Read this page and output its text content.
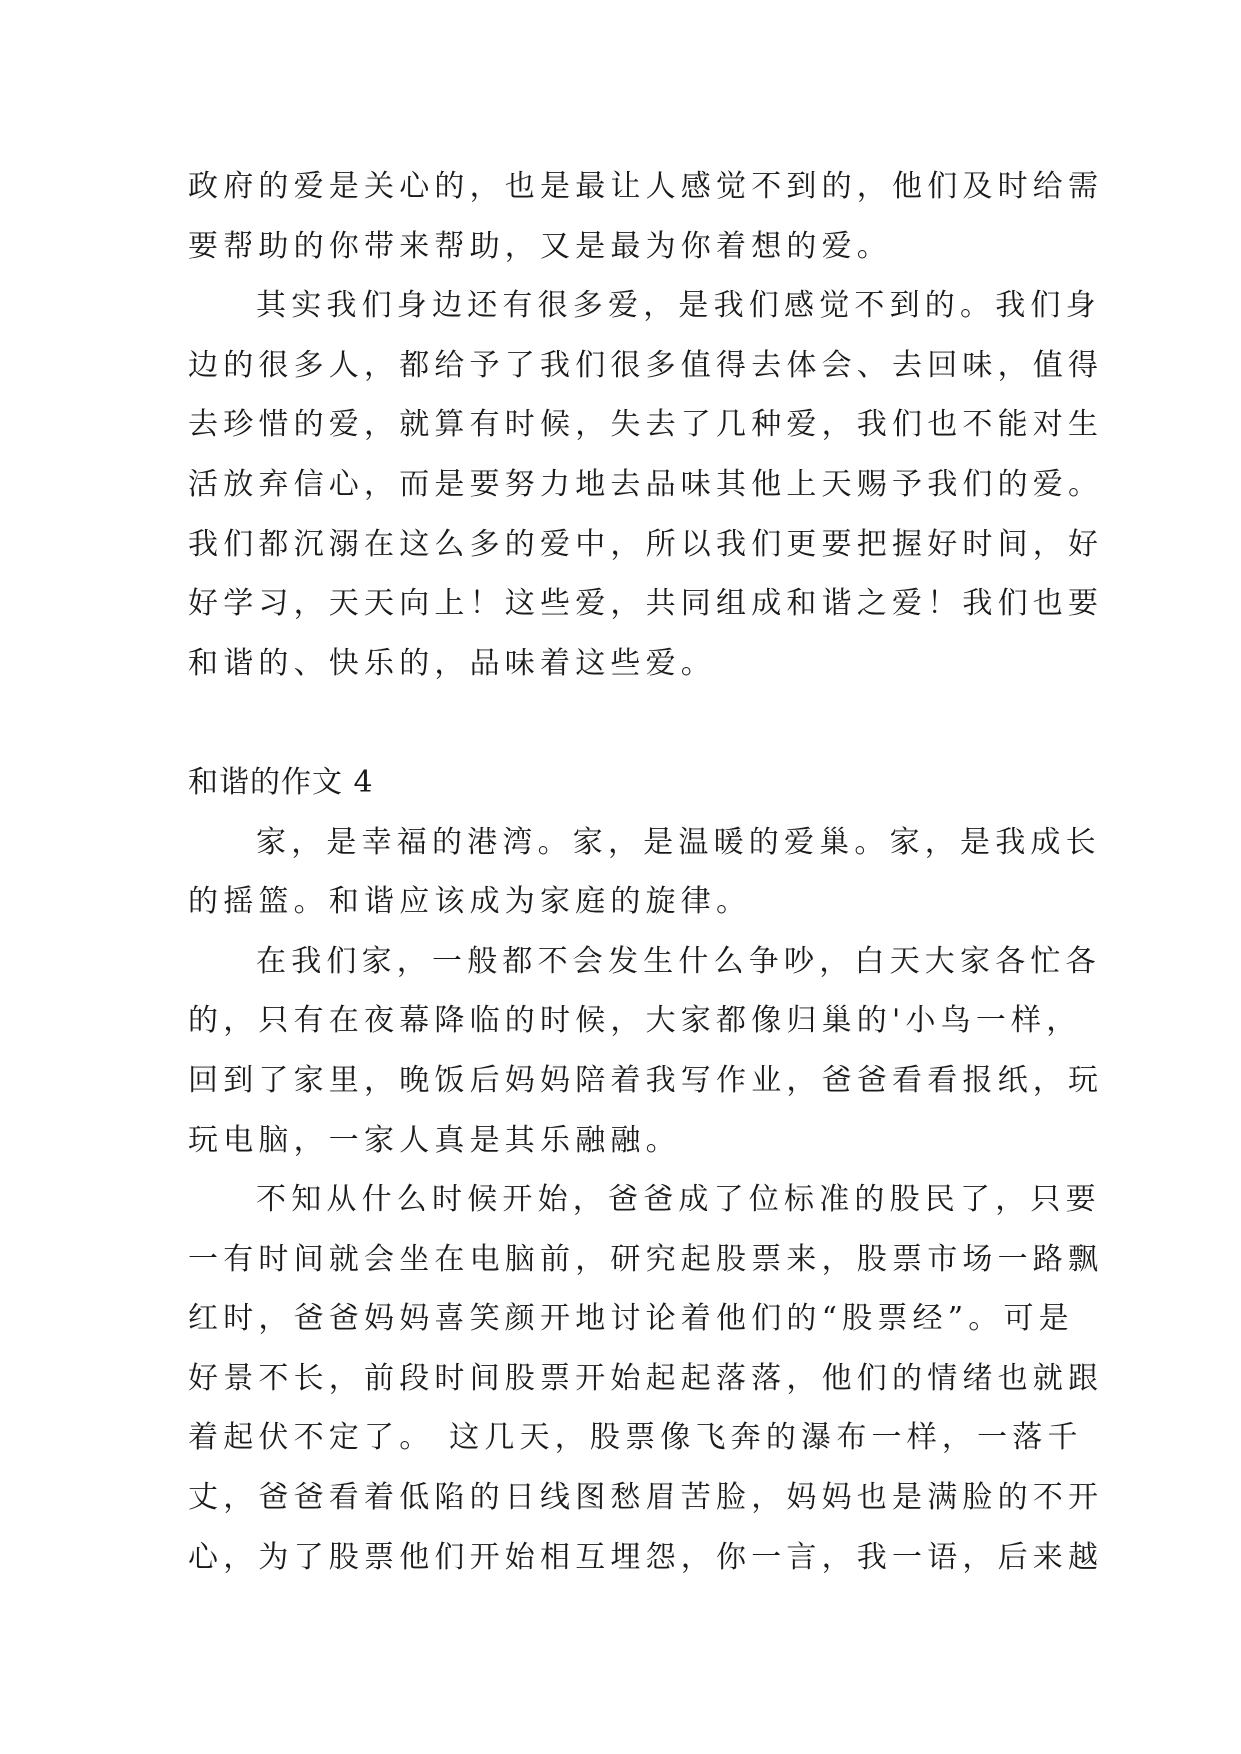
政府的爱是关心的，也是最让人感觉不到的，他们及时给需
要帮助的你带来帮助，又是最为你着想的爱。
其实我们身边还有很多爱，是我们感觉不到的。我们身
边的很多人，都给予了我们很多值得去体会、去回味，值得
去珍惜的爱，就算有时候，失去了几种爱，我们也不能对生
活放弃信心，而是要努力地去品味其他上天赐予我们的爱。
我们都沉溺在这么多的爱中，所以我们更要把握好时间，好
好学习，天天向上！这些爱，共同组成和谐之爱！我们也要
和谐的、快乐的，品味着这些爱。
和谐的作文 4
家，是幸福的港湾。家，是温暖的爱巢。家，是我成长
的摇篮。和谐应该成为家庭的旋律。
在我们家，一般都不会发生什么争吵，白天大家各忙各
的，只有在夜幕降临的时候，大家都像归巢的'小鸟一样，
回到了家里，晚饭后妈妈陪着我写作业，爸爸看看报纸，玩
玩电脑，一家人真是其乐融融。
不知从什么时候开始，爸爸成了位标准的股民了，只要
一有时间就会坐在电脑前，研究起股票来，股票市场一路飘
红时，爸爸妈妈喜笑颜开地讨论着他们的“股票经”。可是
好景不长，前段时间股票开始起起落落，他们的情绪也就跟
着起伏不定了。 这几天，股票像飞奔的瀑布一样，一落千
丈，爸爸看着低陷的日线图愁眉苦脸，妈妈也是满脸的不开
心，为了股票他们开始相互埋怨，你一言，我一语，后来越
